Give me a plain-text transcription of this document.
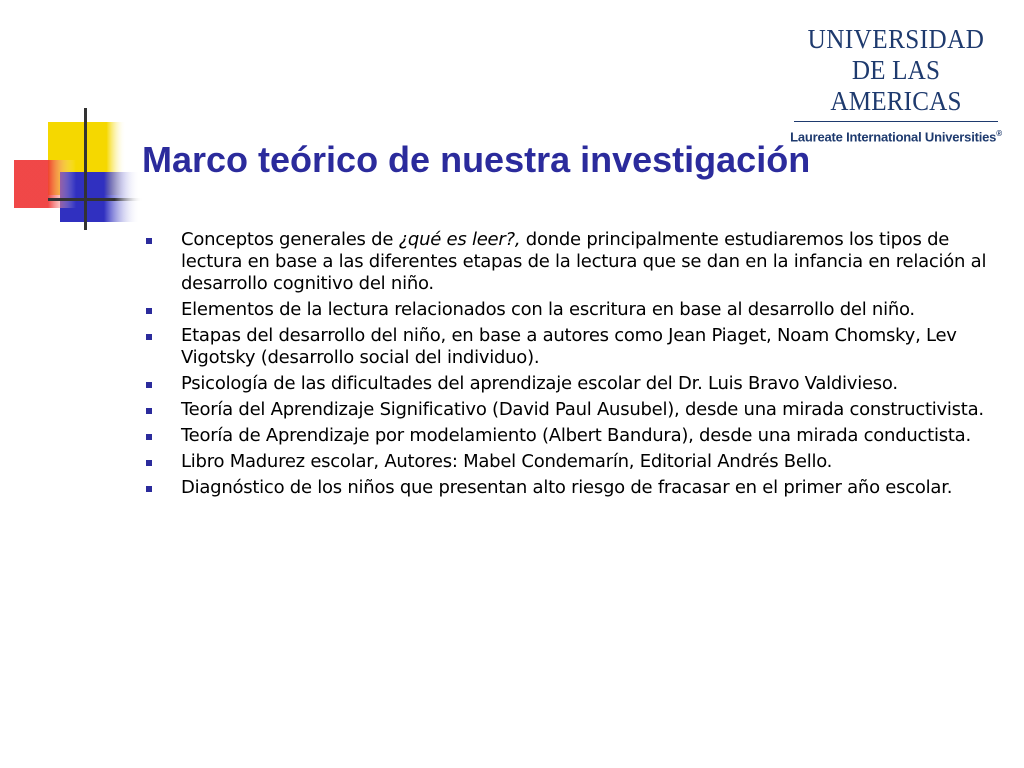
UNIVERSIDAD
DE LAS AMERICAS
Laureate International Universities®
Marco teórico de nuestra investigación
Conceptos generales de ¿qué es leer?, donde principalmente estudiaremos los tipos de lectura en base a las diferentes etapas de la lectura que se dan en la infancia en relación al desarrollo cognitivo del niño.
Elementos de la lectura relacionados con la escritura en base al desarrollo del niño.
Etapas del desarrollo del niño, en base a autores como Jean Piaget, Noam Chomsky, Lev Vigotsky (desarrollo social del individuo).
Psicología de las dificultades del aprendizaje escolar del Dr. Luis Bravo Valdivieso.
Teoría del Aprendizaje Significativo (David Paul Ausubel), desde una mirada constructivista.
Teoría de Aprendizaje por modelamiento (Albert Bandura), desde una mirada conductista.
Libro Madurez escolar, Autores: Mabel Condemarín, Editorial Andrés Bello.
Diagnóstico de los niños que presentan alto riesgo de fracasar en el primer año escolar.
